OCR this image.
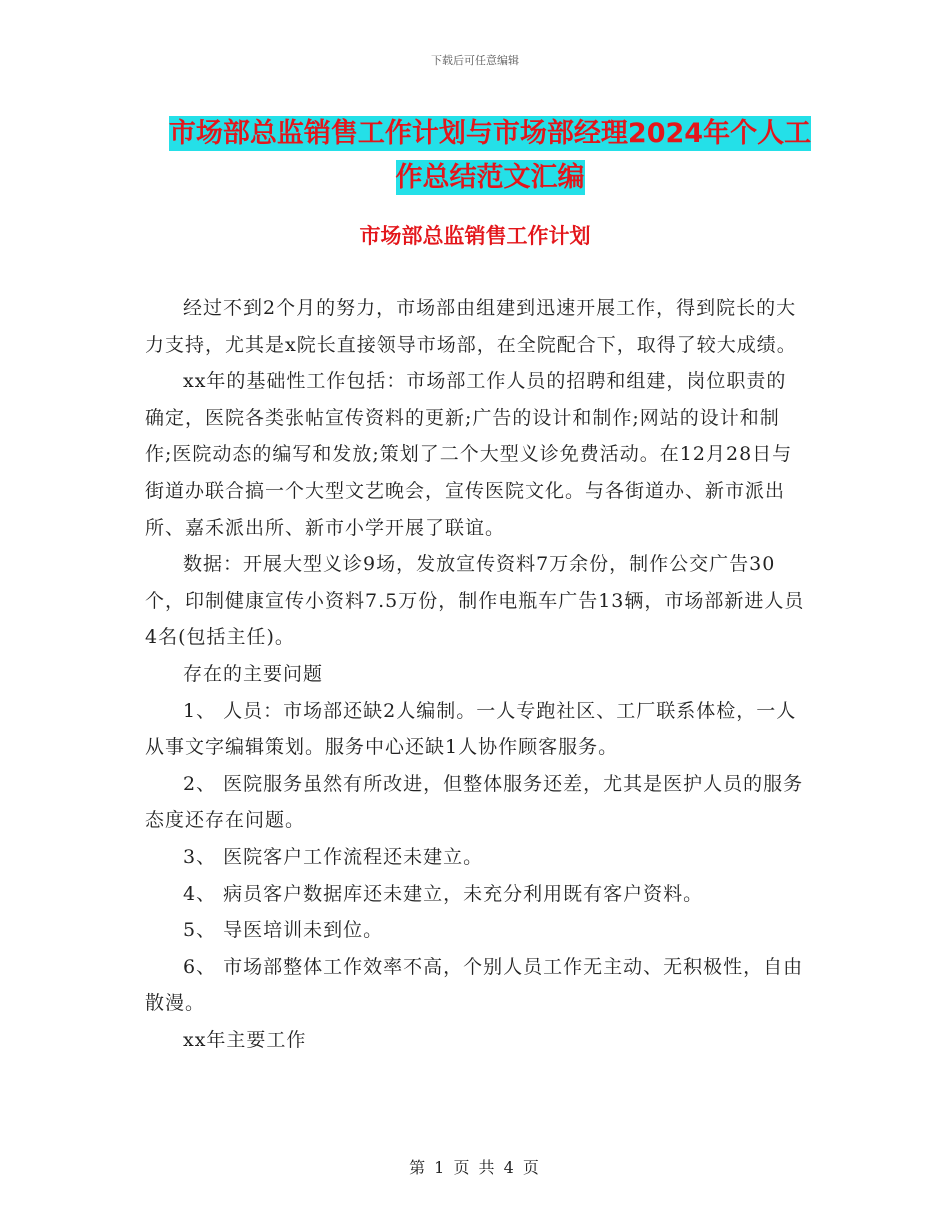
下载后可任意编辑
市场部总监销售工作计划与市场部经理2024年个人工
作总结范文汇编
市场部总监销售工作计划

经过不到2个月的努力，市场部由组建到迅速开展工作，得到院长的大力支持，尤其是x院长直接领导市场部，在全院配合下，取得了较大成绩。

xx年的基础性工作包括：市场部工作人员的招聘和组建，岗位职责的确定，医院各类张帖宣传资料的更新;广告的设计和制作;网站的设计和制作;医院动态的编写和发放;策划了二个大型义诊免费活动。在12月28日与街道办联合搞一个大型文艺晚会，宣传医院文化。与各街道办、新市派出所、嘉禾派出所、新市小学开展了联谊。

数据：开展大型义诊9场，发放宣传资料7万余份，制作公交广告30个，印制健康宣传小资料7.5万份，制作电瓶车广告13辆，市场部新进人员4名(包括主任)。

存在的主要问题

1、 人员：市场部还缺2人编制。一人专跑社区、工厂联系体检，一人从事文字编辑策划。服务中心还缺1人协作顾客服务。

2、 医院服务虽然有所改进，但整体服务还差，尤其是医护人员的服务态度还存在问题。

3、 医院客户工作流程还未建立。

4、 病员客户数据库还未建立，未充分利用既有客户资料。

5、 导医培训未到位。

6、 市场部整体工作效率不高，个别人员工作无主动、无积极性，自由散漫。

xx年主要工作

第 1 页 共 4 页
